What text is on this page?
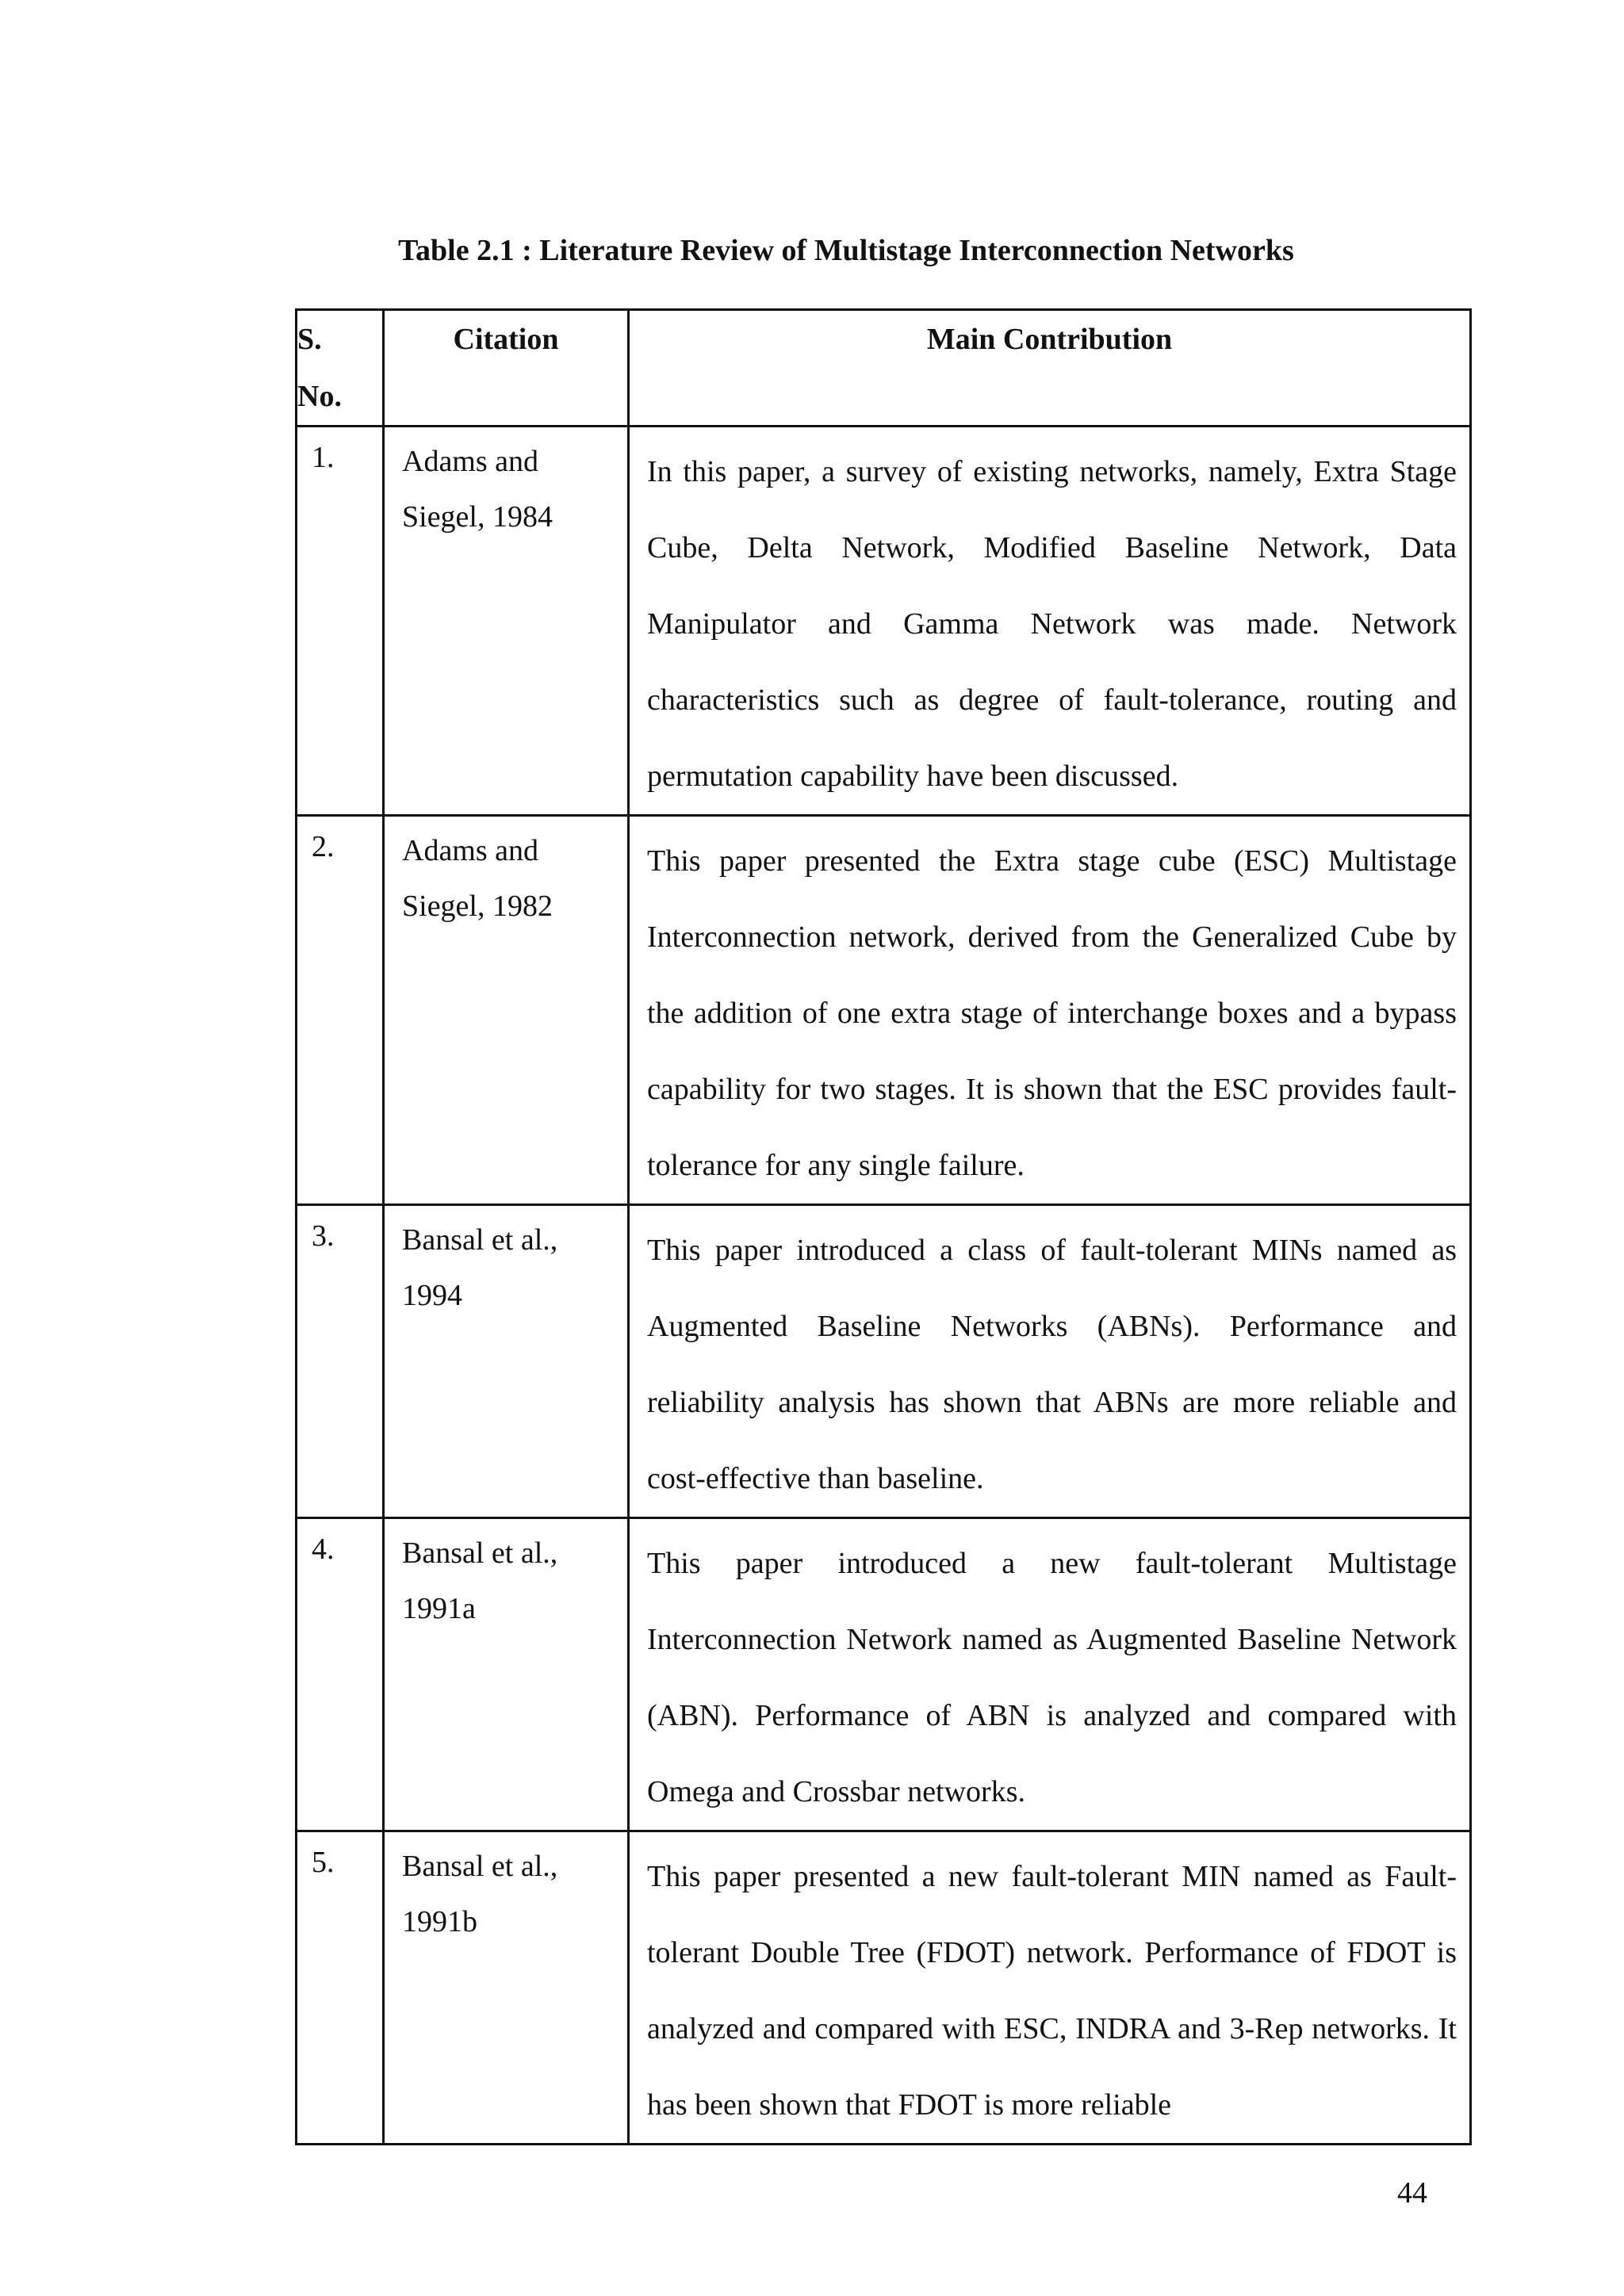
Table 2.1 : Literature Review of Multistage Interconnection Networks
S.
No.	Citation	Main Contribution
1.	Adams and Siegel, 1984	In this paper, a survey of existing networks, namely, Extra Stage Cube, Delta Network, Modified Baseline Network, Data Manipulator and Gamma Network was made. Network characteristics such as degree of fault-tolerance, routing and permutation capability have been discussed.
2.	Adams and Siegel, 1982	This paper presented the Extra stage cube (ESC) Multistage Interconnection network, derived from the Generalized Cube by the addition of one extra stage of interchange boxes and a bypass capability for two stages. It is shown that the ESC provides fault-tolerance for any single failure.
3.	Bansal et al., 1994	This paper introduced a class of fault-tolerant MINs named as Augmented Baseline Networks (ABNs). Performance and reliability analysis has shown that ABNs are more reliable and cost-effective than baseline.
4.	Bansal et al., 1991a	This paper introduced a new fault-tolerant Multistage Interconnection Network named as Augmented Baseline Network (ABN). Performance of ABN is analyzed and compared with Omega and Crossbar networks.
5.	Bansal et al., 1991b	This paper presented a new fault-tolerant MIN named as Fault-tolerant Double Tree (FDOT) network. Performance of FDOT is analyzed and compared with ESC, INDRA and 3-Rep networks. It has been shown that FDOT is more reliable
44
